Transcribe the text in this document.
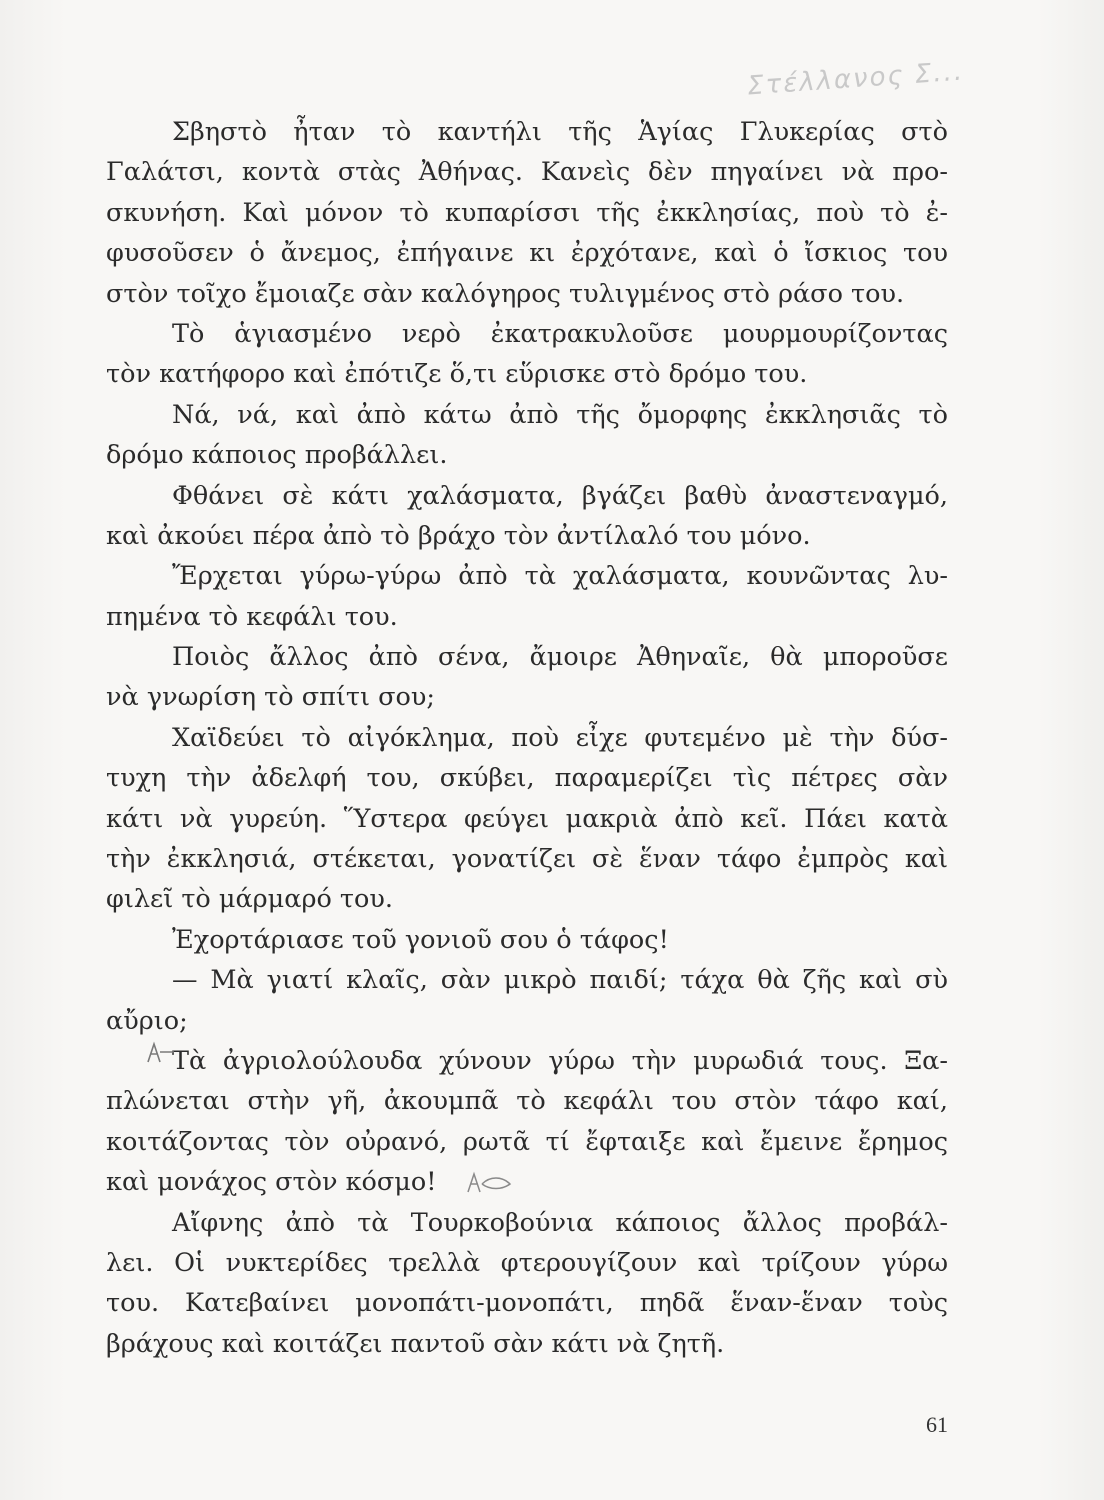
Στέλλανος Σ...
Σβηστὸ ἦταν τὸ καντήλι τῆς Ἁγίας Γλυκερίας στὸ
Γαλάτσι, κοντὰ στὰς Ἀθήνας. Κανεὶς δὲν πηγαίνει νὰ προ-
σκυνήση. Καὶ μόνον τὸ κυπαρίσσι τῆς ἐκκλησίας, ποὺ τὸ ἐ-
φυσοῦσεν ὁ ἄνεμος, ἐπήγαινε κι ἐρχότανε, καὶ ὁ ἴσκιος του
στὸν τοῖχο ἔμοιαζε σὰν καλόγηρος τυλιγμένος στὸ ράσο του.
Τὸ ἁγιασμένο νερὸ ἐκατρακυλοῦσε μουρμουρίζοντας
τὸν κατήφορο καὶ ἐπότιζε ὅ,τι εὕρισκε στὸ δρόμο του.
Νά, νά, καὶ ἀπὸ κάτω ἀπὸ τῆς ὄμορφης ἐκκλησιᾶς τὸ
δρόμο κάποιος προβάλλει.
Φθάνει σὲ κάτι χαλάσματα, βγάζει βαθὺ ἀναστεναγμό,
καὶ ἀκούει πέρα ἀπὸ τὸ βράχο τὸν ἀντίλαλό του μόνο.
Ἔρχεται γύρω-γύρω ἀπὸ τὰ χαλάσματα, κουνῶντας λυ-
πημένα τὸ κεφάλι του.
Ποιὸς ἄλλος ἀπὸ σένα, ἄμοιρε Ἀθηναῖε, θὰ μποροῦσε
νὰ γνωρίση τὸ σπίτι σου;
Χαϊδεύει τὸ αἰγόκλημα, ποὺ εἶχε φυτεμένο μὲ τὴν δύσ-
τυχη τὴν ἀδελφή του, σκύβει, παραμερίζει τὶς πέτρες σὰν
κάτι νὰ γυρεύη. Ὕστερα φεύγει μακριὰ ἀπὸ κεῖ. Πάει κατὰ
τὴν ἐκκλησιά, στέκεται, γονατίζει σὲ ἕναν τάφο ἐμπρὸς καὶ
φιλεῖ τὸ μάρμαρό του.
Ἐχορτάριασε τοῦ γονιοῦ σου ὁ τάφος!
— Μὰ γιατί κλαῖς, σὰν μικρὸ παιδί; τάχα θὰ ζῆς καὶ σὺ
αὔριο;
Τὰ ἀγριολούλουδα χύνουν γύρω τὴν μυρωδιά τους. Ξα-
πλώνεται στὴν γῆ, ἀκουμπᾶ τὸ κεφάλι του στὸν τάφο καί,
κοιτάζοντας τὸν οὐρανό, ρωτᾶ τί ἔφταιξε καὶ ἔμεινε ἔρημος
καὶ μονάχος στὸν κόσμο!
Αἴφνης ἀπὸ τὰ Τουρκοβούνια κάποιος ἄλλος προβάλ-
λει. Οἱ νυκτερίδες τρελλὰ φτερουγίζουν καὶ τρίζουν γύρω
του. Κατεβαίνει μονοπάτι-μονοπάτι, πηδᾶ ἕναν-ἕναν τοὺς
βράχους καὶ κοιτάζει παντοῦ σὰν κάτι νὰ ζητῆ.
61
